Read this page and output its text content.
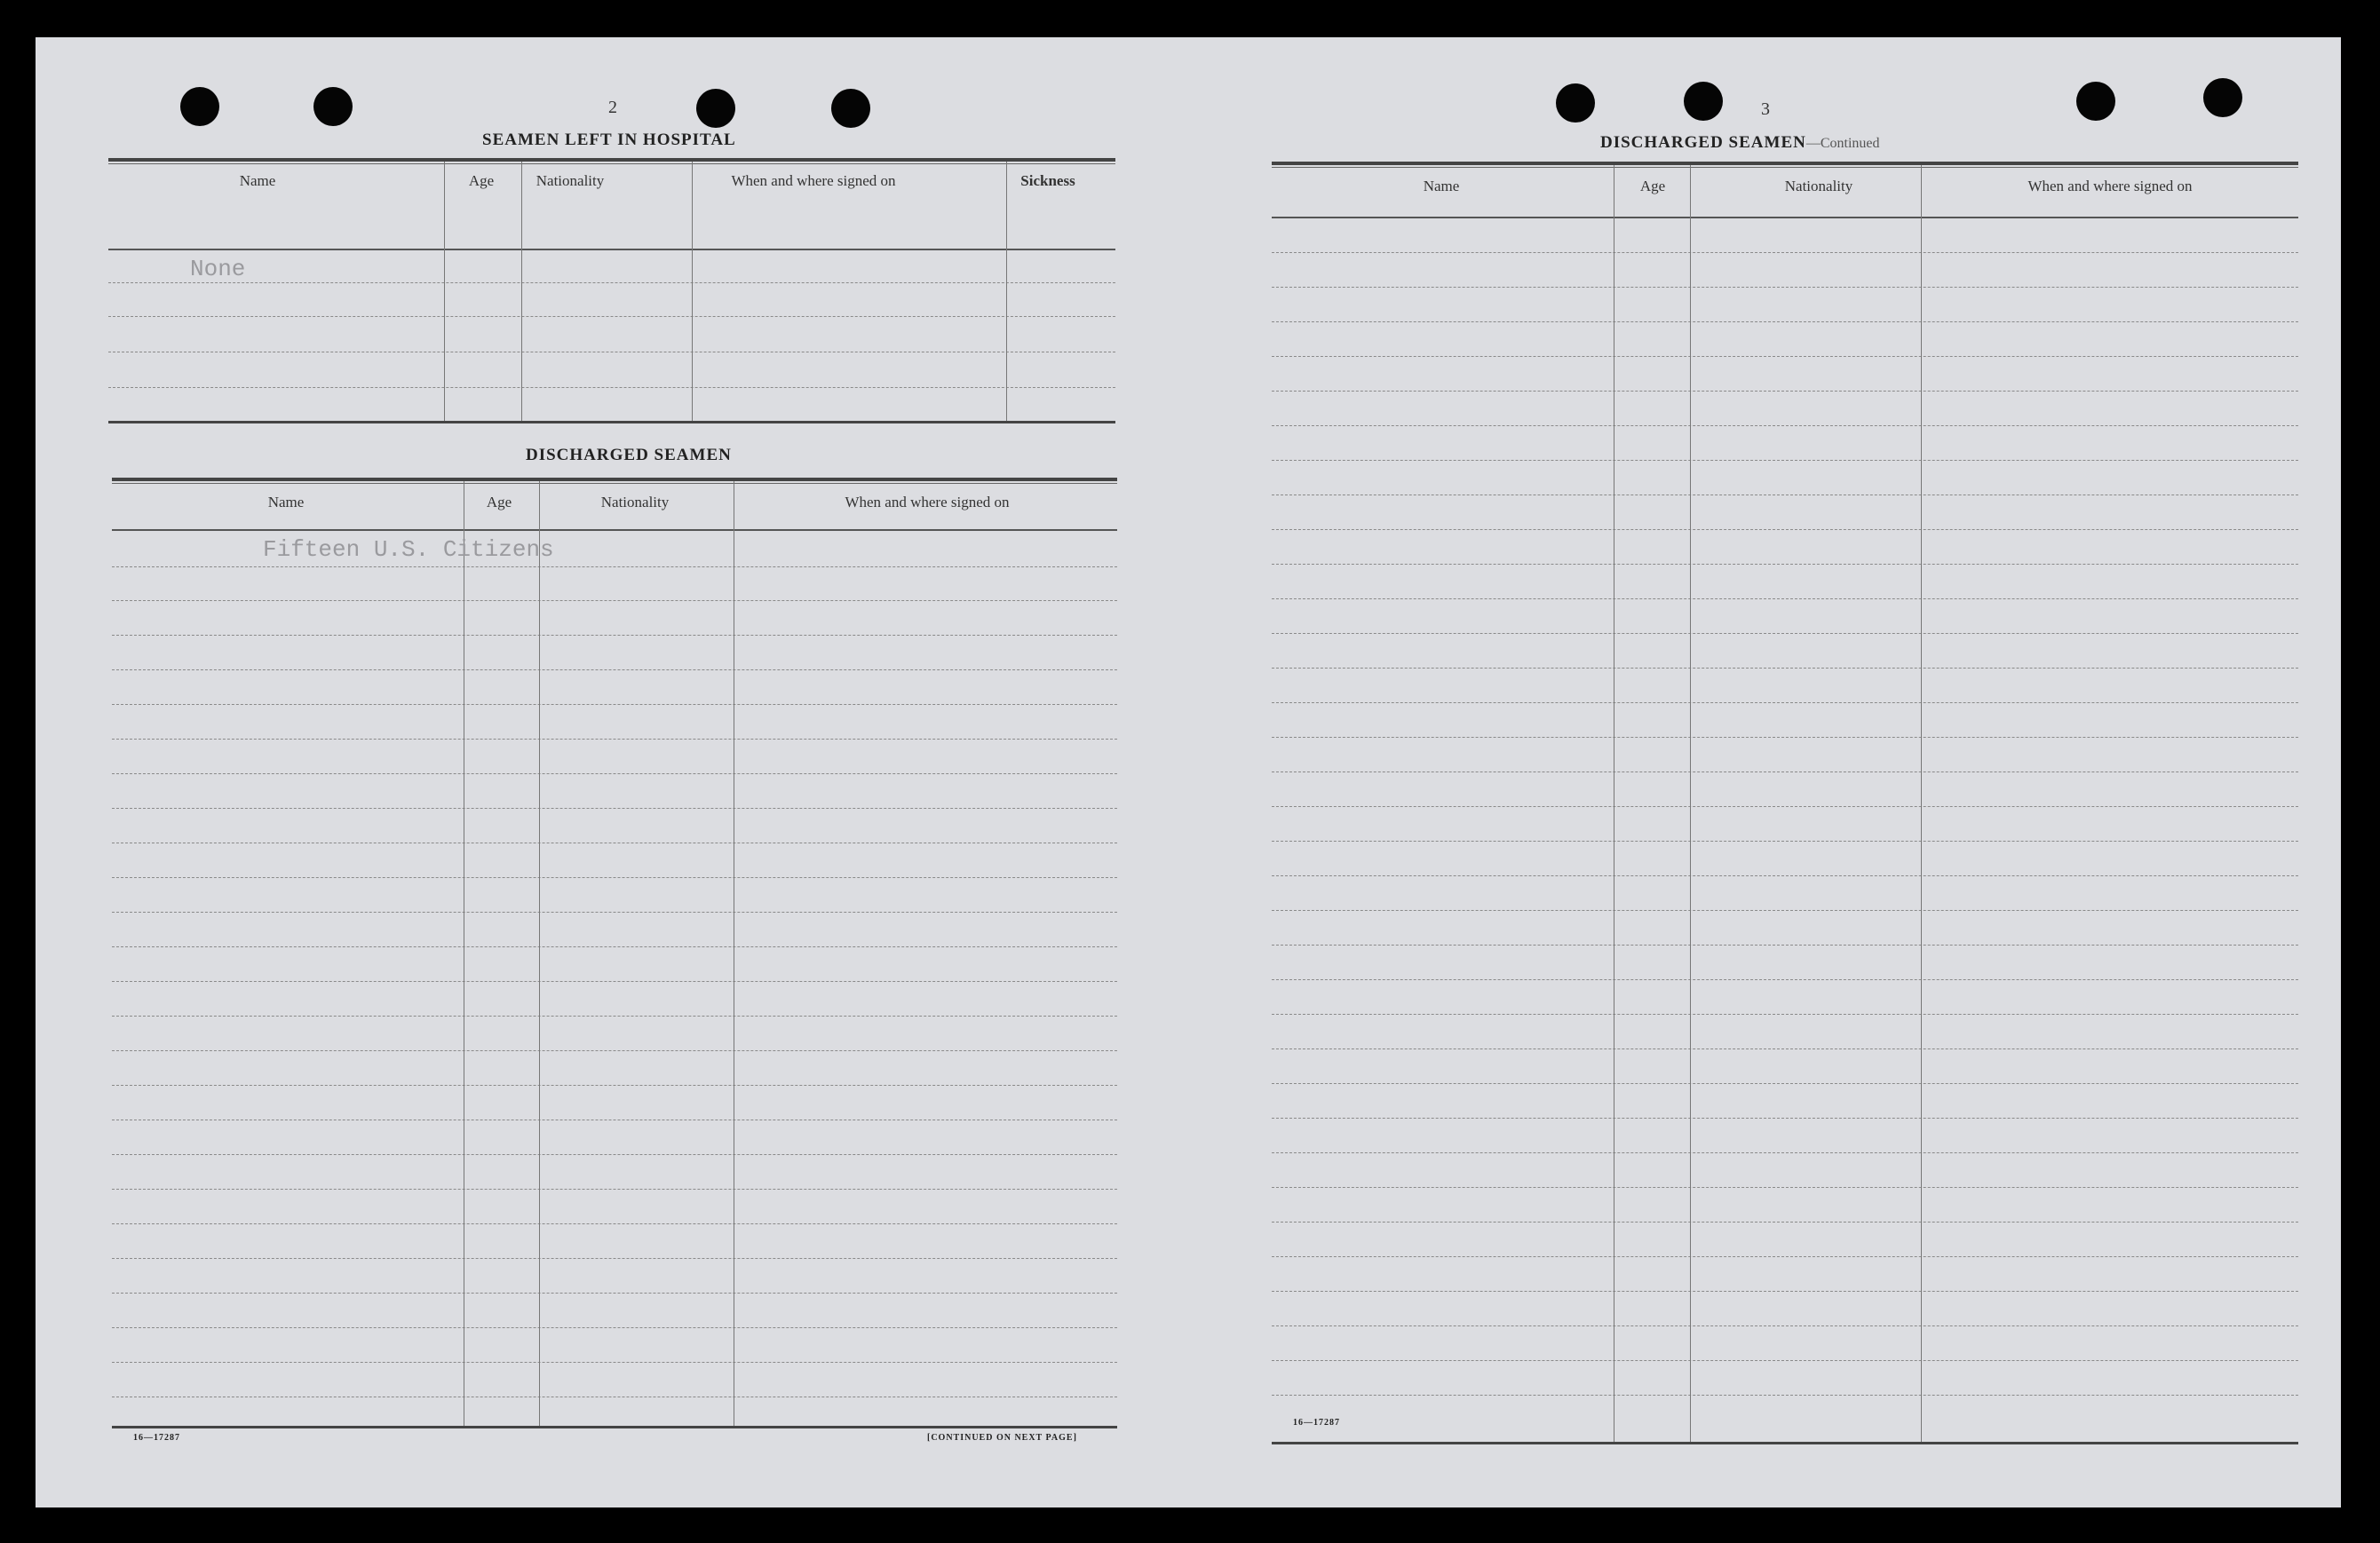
2
SEAMEN LEFT IN HOSPITAL
Name	Age	Nationality	When and where signed on	Sickness
None
DISCHARGED SEAMEN
Name	Age	Nationality	When and where signed on
Fifteen U.S. Citizens
16—17287	[CONTINUED ON NEXT PAGE]
3
DISCHARGED SEAMEN—Continued
Name	Age	Nationality	When and where signed on
16—17287
